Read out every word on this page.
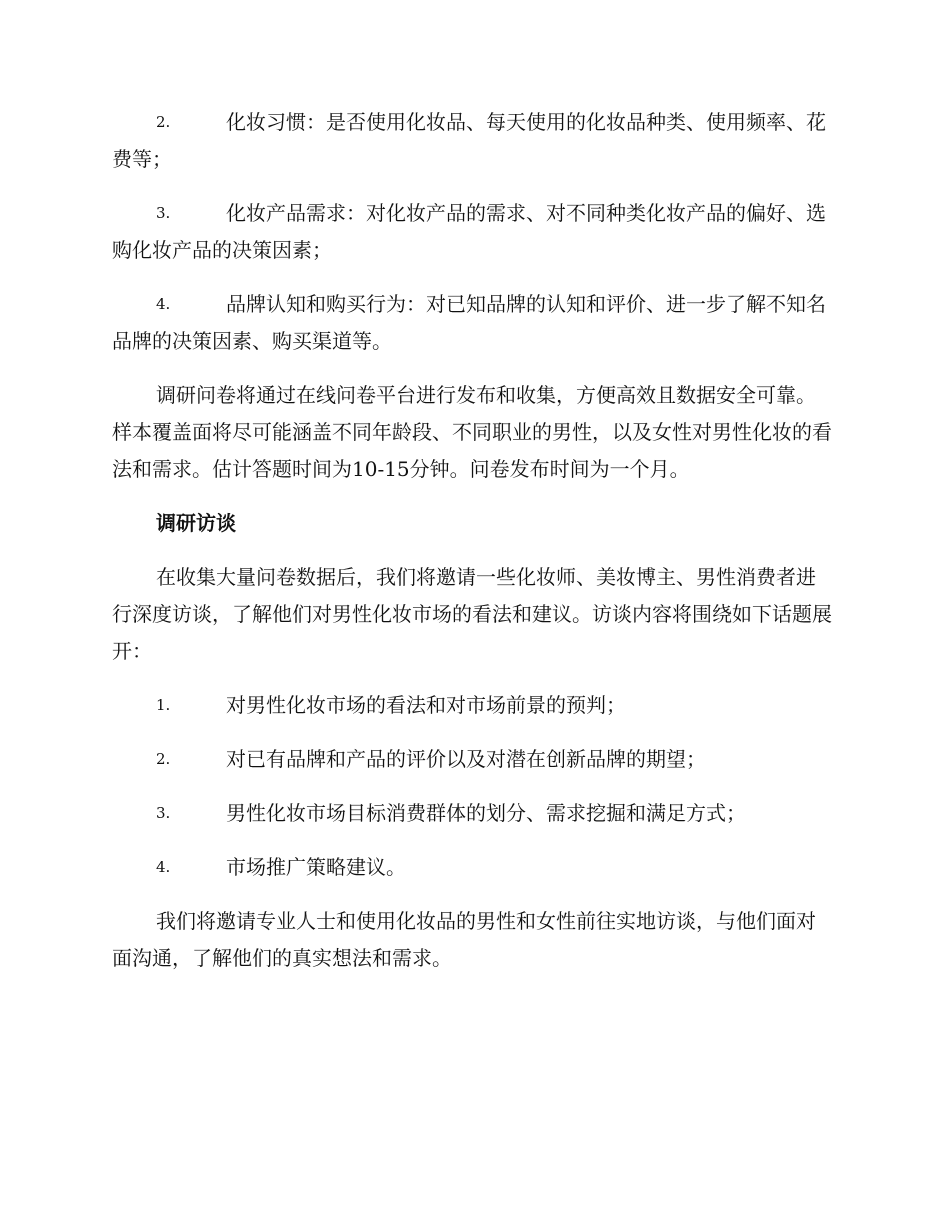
2.	化妆习惯：是否使用化妆品、每天使用的化妆品种类、使用频率、花费等；
3.	化妆产品需求：对化妆产品的需求、对不同种类化妆产品的偏好、选购化妆产品的决策因素；
4.	品牌认知和购买行为：对已知品牌的认知和评价、进一步了解不知名品牌的决策因素、购买渠道等。

调研问卷将通过在线问卷平台进行发布和收集，方便高效且数据安全可靠。样本覆盖面将尽可能涵盖不同年龄段、不同职业的男性，以及女性对男性化妆的看法和需求。估计答题时间为10-15分钟。问卷发布时间为一个月。

调研访谈

在收集大量问卷数据后，我们将邀请一些化妆师、美妆博主、男性消费者进行深度访谈，了解他们对男性化妆市场的看法和建议。访谈内容将围绕如下话题展开：

1.	对男性化妆市场的看法和对市场前景的预判；
2.	对已有品牌和产品的评价以及对潜在创新品牌的期望；
3.	男性化妆市场目标消费群体的划分、需求挖掘和满足方式；
4.	市场推广策略建议。

我们将邀请专业人士和使用化妆品的男性和女性前往实地访谈，与他们面对面沟通，了解他们的真实想法和需求。
